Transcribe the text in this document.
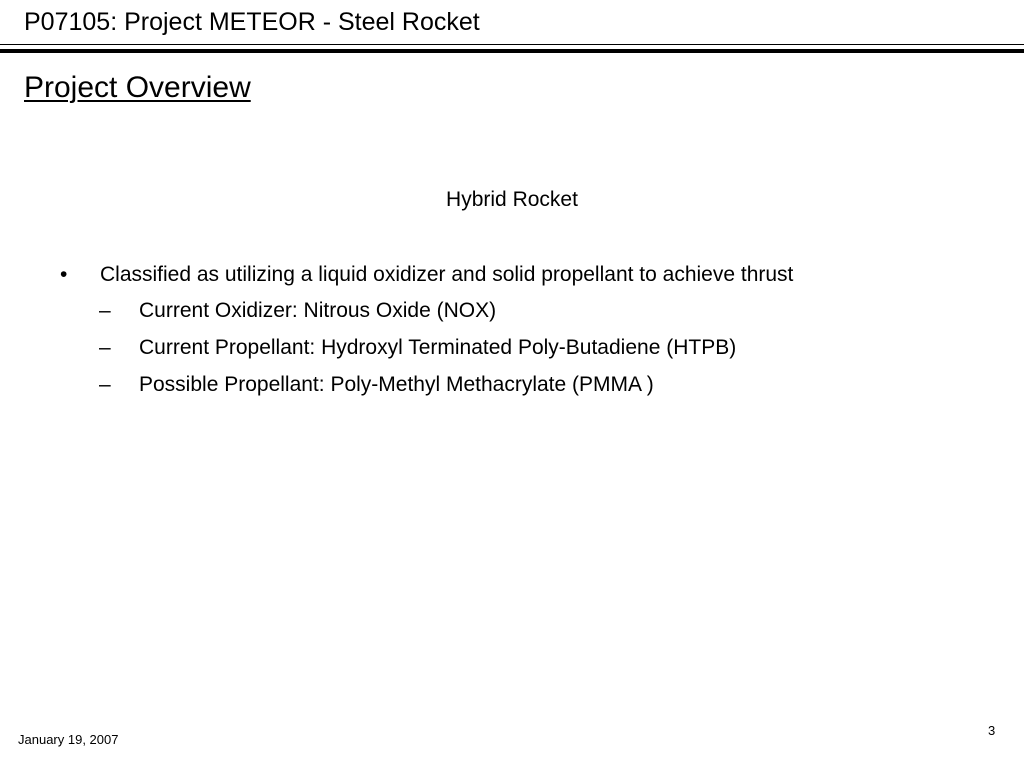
P07105: Project METEOR - Steel Rocket
Project Overview
Hybrid Rocket
• Classified as utilizing a liquid oxidizer and solid propellant to achieve thrust
– Current Oxidizer: Nitrous Oxide (NOX)
– Current Propellant: Hydroxyl Terminated Poly-Butadiene (HTPB)
– Possible Propellant: Poly-Methyl Methacrylate (PMMA )
January 19, 2007
3
